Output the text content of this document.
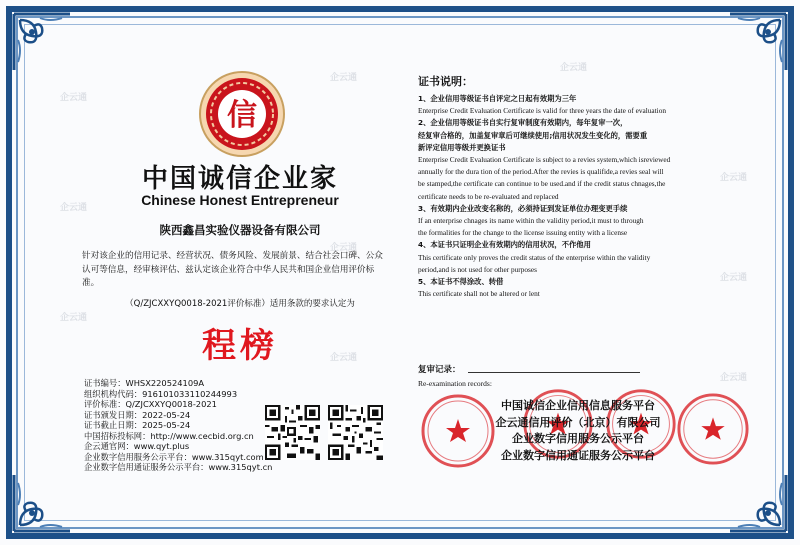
企云通
企云通
企云通
企云通
企云通
企云通
企云通
企云通
企云通
企云通
信
中国诚信企业家
Chinese Honest Entrepreneur
陕西鑫昌实验仪器设备有限公司
针对该企业的信用记录、经营状况、债务风险、发展前景、结合社会口碑、公众认可等信息，经审核评估、兹认定该企业符合中华人民共和国企业信用评价标准。
（Q/ZJCXXYQ0018-2021评价标准）适用条款的要求认定为
程榜
证书编号：WHSX220524109A
组织机构代码：91610103311024499​3
评价标准：Q/ZJCXXYQ0018-2021
证书颁发日期：2022-05-24
证书截止日期：2025-05-24
中国招标投标网：http://www.cecbid.org.cn
企云通官网：www.qyt.plus
企业数字信用服务公示平台：www.315qyt.com
企业数字信用通证服务公示平台：www.315qyt.cn
证书说明：
1、企业信用等级证书自评定之日起有效期为三年
Enterprise Credit Evaluation Certificate is valid for three years the date of evaluation
2、企业信用等级证书自实行复审制度有效期内，每年复审一次，
经复审合格的，加盖复审章后可继续使用;信用状况发生变化的，需要重
新评定信用等级并更换证书
Enterprise Credit Evaluation Certificate is subject to a revies system,which isreviewed
annually for the dura tion of the period.After the revies is qualifide,a revies seal will
be stamped,the certificate can continue to be used.and if the credit status chnages,the
certificate needs to be re-evaluated and replaced
3、有效期内企业改变名称的，必须持证到发证单位办理变更手续
If an enterprise chnages its name within the validity period,it must to through
the formalities for the change to the license issuing entity with a license
4、本证书只证明企业有效期内的信用状况，不作他用
This certificate only proves the credit status of the enterprise within the validity
period,and is not used for other purposes
5、本证书不得涂改、转借
This certificate shall not be altered or lent
复审记录：
Re-examination records:
中国诚信企业信用信息服务平台
企云通信用评价（北京）有限公司
企业数字信用服务公示平台
企业数字信用通证服务公示平台
